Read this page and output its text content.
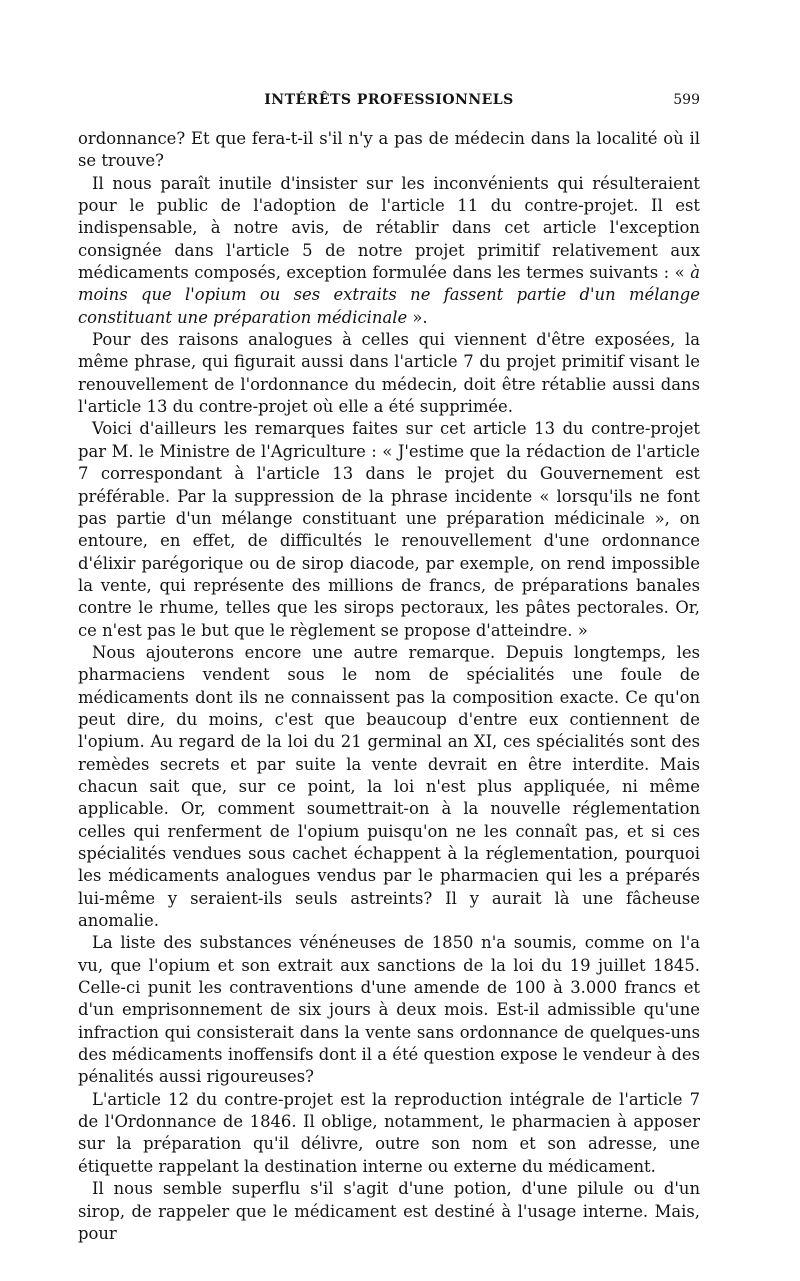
INTÉRÊTS PROFESSIONNELS	599

ordonnance? Et que fera-t-il s'il n'y a pas de médecin dans la localité où il se trouve?

Il nous paraît inutile d'insister sur les inconvénients qui résulteraient pour le public de l'adoption de l'article 11 du contre-projet. Il est indispensable, à notre avis, de rétablir dans cet article l'exception consignée dans l'article 5 de notre projet primitif relativement aux médicaments composés, exception formulée dans les termes suivants : « à moins que l'opium ou ses extraits ne fassent partie d'un mélange constituant une préparation médicinale ».

Pour des raisons analogues à celles qui viennent d'être exposées, la même phrase, qui figurait aussi dans l'article 7 du projet primitif visant le renouvellement de l'ordonnance du médecin, doit être rétablie aussi dans l'article 13 du contre-projet où elle a été supprimée.

Voici d'ailleurs les remarques faites sur cet article 13 du contre-projet par M. le Ministre de l'Agriculture : « J'estime que la rédaction de l'article 7 correspondant à l'article 13 dans le projet du Gouvernement est préférable. Par la suppression de la phrase incidente « lorsqu'ils ne font pas partie d'un mélange constituant une préparation médicinale », on entoure, en effet, de difficultés le renouvellement d'une ordonnance d'élixir parégorique ou de sirop diacode, par exemple, on rend impossible la vente, qui représente des millions de francs, de préparations banales contre le rhume, telles que les sirops pectoraux, les pâtes pectorales. Or, ce n'est pas le but que le règlement se propose d'atteindre. »

Nous ajouterons encore une autre remarque. Depuis longtemps, les pharmaciens vendent sous le nom de spécialités une foule de médicaments dont ils ne connaissent pas la composition exacte. Ce qu'on peut dire, du moins, c'est que beaucoup d'entre eux contiennent de l'opium. Au regard de la loi du 21 germinal an XI, ces spécialités sont des remèdes secrets et par suite la vente devrait en être interdite. Mais chacun sait que, sur ce point, la loi n'est plus appliquée, ni même applicable. Or, comment soumettrait-on à la nouvelle réglementation celles qui renferment de l'opium puisqu'on ne les connaît pas, et si ces spécialités vendues sous cachet échappent à la réglementation, pourquoi les médicaments analogues vendus par le pharmacien qui les a préparés lui-même y seraient-ils seuls astreints? Il y aurait là une fâcheuse anomalie.

La liste des substances vénéneuses de 1850 n'a soumis, comme on l'a vu, que l'opium et son extrait aux sanctions de la loi du 19 juillet 1845. Celle-ci punit les contraventions d'une amende de 100 à 3.000 francs et d'un emprisonnement de six jours à deux mois. Est-il admissible qu'une infraction qui consisterait dans la vente sans ordonnance de quelques-uns des médicaments inoffensifs dont il a été question expose le vendeur à des pénalités aussi rigoureuses?

L'article 12 du contre-projet est la reproduction intégrale de l'article 7 de l'Ordonnance de 1846. Il oblige, notamment, le pharmacien à apposer sur la préparation qu'il délivre, outre son nom et son adresse, une étiquette rappelant la destination interne ou externe du médicament.

Il nous semble superflu s'il s'agit d'une potion, d'une pilule ou d'un sirop, de rappeler que le médicament est destiné à l'usage interne. Mais, pour
